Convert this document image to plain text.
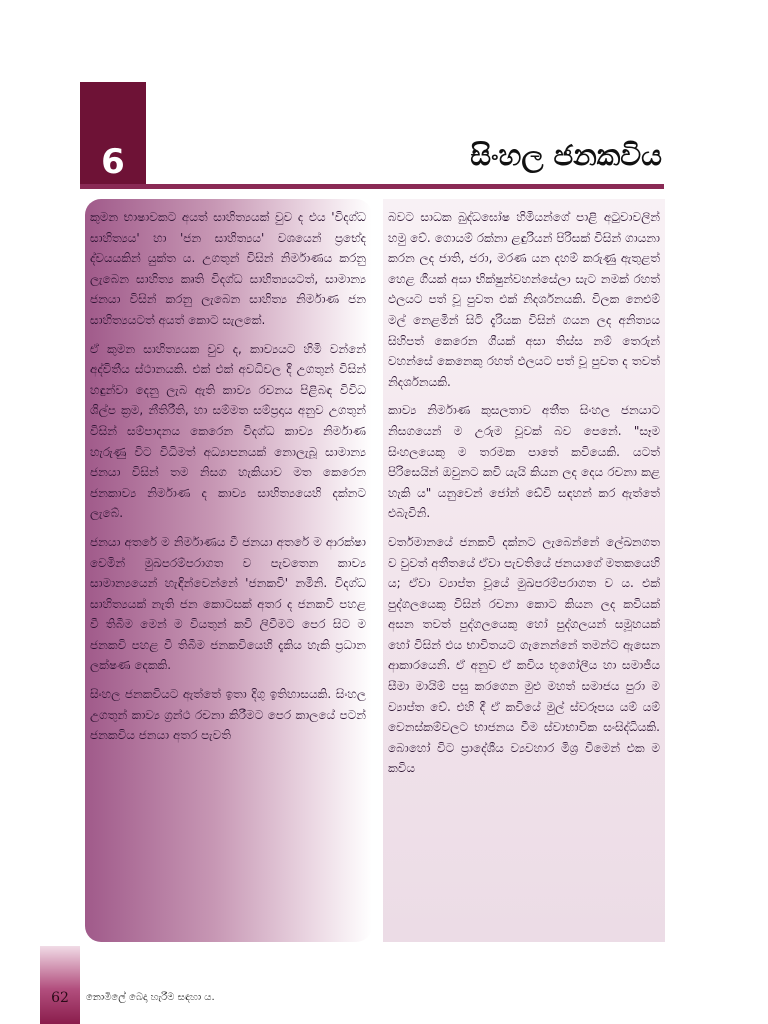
6	සිංහල ජනකවිය

කුමන භාෂාවකට අයත් සාහිත්‍යයක් වුව ද එය 'විදග්ධ සාහිත්‍යය' හා 'ජන සාහිත්‍යය' වශයෙන් ප්‍රභේද ද්වයයකින් යුක්ත ය. උගතුන් විසින් නිර්මාණය කරනු ලැබෙන සාහිත්‍ය කෘති විදග්ධ සාහිත්‍යයටත්, සාමාන්‍ය ජනයා විසින් කරනු ලැබෙන සාහිත්‍ය නිර්මාණ ජන සාහිත්‍යයටත් අයත් කොට සැලකේ.

ඒ කුමන සාහිත්‍යයක වුව ද, කාව්‍යයට හිමි වන්නේ අද්විතීය ස්ථානයකි. එක් එක් අවධිවල දී උගතුන් විසින් හඳුන්වා දෙනු ලැබ ඇති කාව්‍ය රචනය පිළිබඳ විවිධ ශිල්ප ක්‍රම, නීතිරීති, හා සම්මත සම්ප්‍රදාය අනුව උගතුන් විසින් සම්පාදනය කෙරෙන විදග්ධ කාව්‍ය නිර්මාණ හැරුණු විට විධිමත් අධ්‍යාපනයක් නොලැබූ සාමාන්‍ය ජනයා විසින් තම නිසග හැකියාව මත කෙරෙන ජනකාව්‍ය නිර්මාණ ද කාව්‍ය සාහිත්‍යයෙහි දක්නට ලැබේ.

ජනයා අතරේ ම නිර්මාණය වී ජනයා අතරේ ම ආරක්ෂා වෙමින් මුඛපරම්පරාගත ව පැවතෙන කාව්‍ය සාමාන්‍යයෙන් හැඳින්වෙන්නේ 'ජනකවි' නමිනි. විදග්ධ සාහිත්‍යයක් නැති ජන කොටසක් අතර ද ජනකවි පහළ වී තිබීම මෙන් ම වියතුන් කවි ලිවීමට පෙර සිට ම ජනකවි පහළ වී තිබීම ජනකවියෙහි දැකිය හැකි ප්‍රධාන ලක්ෂණ දෙකකි.

සිංහල ජනකවියට ඇත්තේ ඉතා දිගු ඉතිහාසයකි. සිංහල උගතුන් කාව්‍ය ග්‍රන්ථ රචනා කිරීමට පෙර කාලයේ පටන් ජනකවිය ජනයා අතර පැවති

බවට සාධක බුද්ධඝෝෂ හිමියන්ගේ පාළි අටුවාවලින් හමු වේ. ගොයම් රක්නා ළඳුරියන් පිරිසක් විසින් ගායනා කරන ලද ජාති, ජරා, මරණ යන දහම් කරුණු ඇතුළත් හෙළ ගීයක් අසා භික්ෂුන්වහන්සේලා සැට නමක් රහත් ඵලයට පත් වූ පුවත එක් නිදර්ශනයකි. විලක නෙළුම් මල් නෙළමින් සිටි දැරියක විසින් ගයන ලද අනිත්‍යය සිහිපත් කෙරෙන ගීයක් අසා තිස්ස නම් තෙරුන් වහන්සේ කෙනෙකු රහත් ඵලයට පත් වූ පුවත ද තවත් නිදර්ශනයකි.

කාව්‍ය නිර්මාණ කුසලතාව අතීත සිංහල ජනයාට නිසගයෙන් ම උරුම වූවක් බව පෙනේ. "සෑම සිංහලයෙකු ම තරමක පාතේ කවියෙකි. යටත් පිරිසෙයින් ඔවුනට කවි යැයි කියන ලද දෙය රචනා කළ හැකි ය" යනුවෙන් ජෝන් ඩේවි සඳහන් කර ඇත්තේ එබැවිනි.

වර්තමානයේ ජනකවි දක්නට ලැබෙන්නේ ලේඛනගත ව වුවත් අතීතයේ ඒවා පැවතියේ ජනයාගේ මතකයෙහි ය; ඒවා ව්‍යාප්ත වූයේ මුඛපරම්පරාගත ව ය. එක් පුද්ගලයෙකු විසින් රචනා කොට කියන ලද කවියක් අසන තවත් පුද්ගලයෙකු හෝ පුද්ගලයන් සමූහයක් හෝ විසින් එය භාවිතයට ගැනෙන්නේ තමන්ට ඇසෙන ආකාරයෙනි. ඒ අනුව ඒ කවිය භූගෝලීය හා සමාජීය සීමා මායිම් පසු කරගෙන මුළු මහත් සමාජය පුරා ම ව්‍යාප්ත වේ. එහි දී ඒ කවියේ මුල් ස්වරූපය යම් යම් වෙනස්කම්වලට භාජනය වීම ස්වාභාවික සංසිද්ධියකි. බොහෝ විට ප්‍රාදේශීය ව්‍යවහාර මිශ්‍ර වීමෙන් එක ම කවිය

62	නොමිලේ බෙදා හැරීම සඳහා ය.
